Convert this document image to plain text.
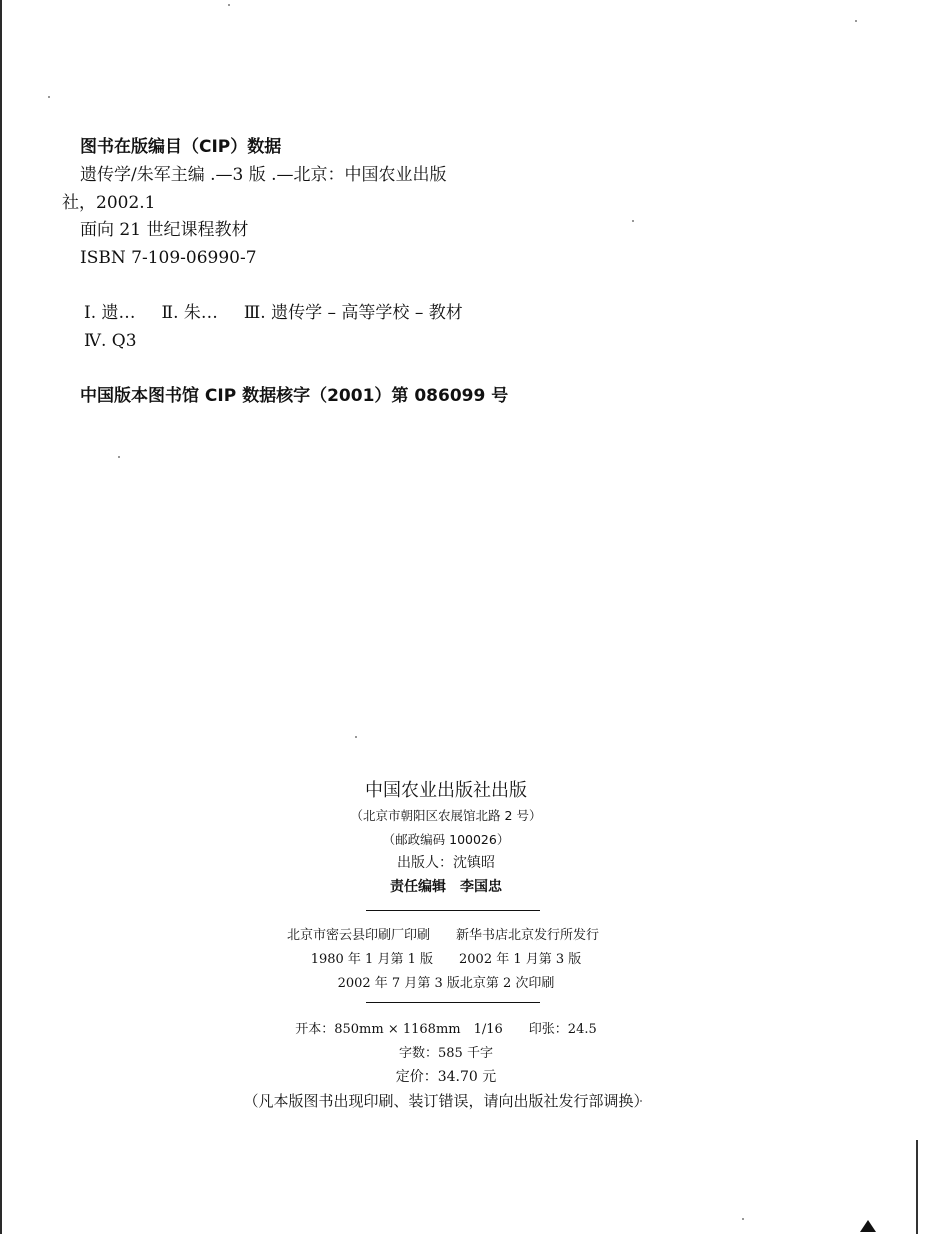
图书在版编目（CIP）数据
遗传学/朱军主编 .—3 版 .—北京：中国农业出版
社，2002.1
面向 21 世纪课程教材
ISBN 7-109-06990-7
Ⅰ. 遗… Ⅱ. 朱… Ⅲ. 遗传学 – 高等学校 – 教材
Ⅳ. Q3
中国版本图书馆 CIP 数据核字（2001）第 086099 号
中国农业出版社出版
（北京市朝阳区农展馆北路 2 号）
（邮政编码 100026）
出版人：沈镇昭
责任编辑　李国忠
北京市密云县印刷厂印刷 新华书店北京发行所发行
1980 年 1 月第 1 版 2002 年 1 月第 3 版
2002 年 7 月第 3 版北京第 2 次印刷
开本：850mm × 1168mm　1/16 印张：24.5
字数：585 千字
定价：34.70 元
（凡本版图书出现印刷、装订错误，请向出版社发行部调换）
